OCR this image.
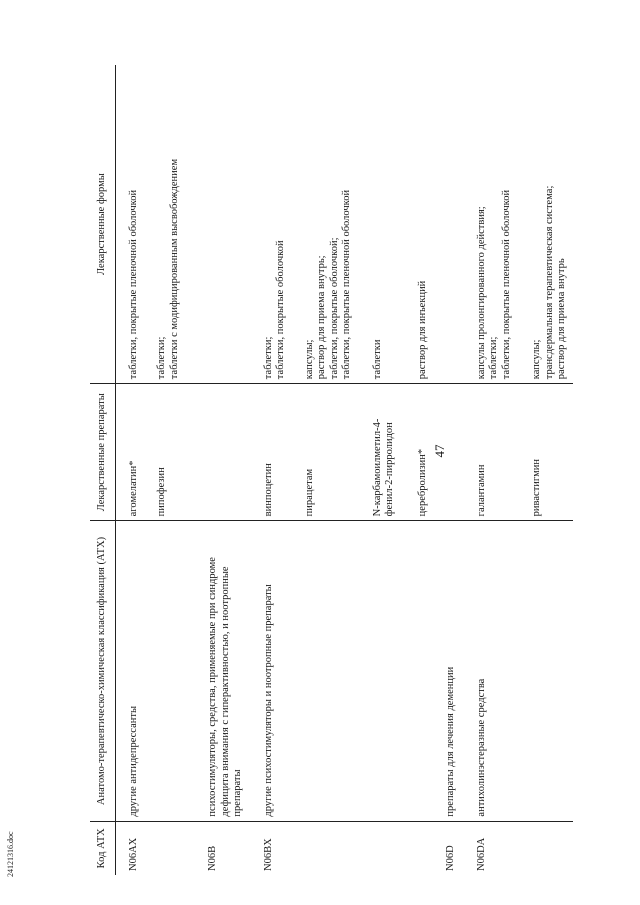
47
24121316.doc	Код АТХ	Анатомо-терапевтическо-химическая классификация (АТХ)	Лекарственные препараты	Лекарственные формы

N06AX	другие антидепрессанты	агомелатин*	таблетки, покрытые пленочной оболочкой

		пипофезин	таблетки; таблетки с модифицированным высвобождением

N06B	психостимуляторы, средства, применяемые при синдроме дефицита внимания с гиперактивностью, и ноотропные препараты		

N06BX	другие психостимуляторы и ноотропные препараты	винпоцетин	таблетки; таблетки, покрытые оболочкой

		пирацетам	капсулы; раствор для приема внутрь; таблетки, покрытые оболочкой; таблетки, покрытые пленочной оболочкой

		N-карбамоилметил-4-фенил-2-пирролидон	таблетки

		церебролизин*	раствор для инъекций

N06D	препараты для лечения деменции		

N06DA	антихолинэстеразные средства	галантамин	капсулы пролонгированного действия; таблетки; таблетки, покрытые пленочной оболочкой

		ривастигмин	капсулы; трансдермальная терапевтическая система; раствор для приема внутрь
